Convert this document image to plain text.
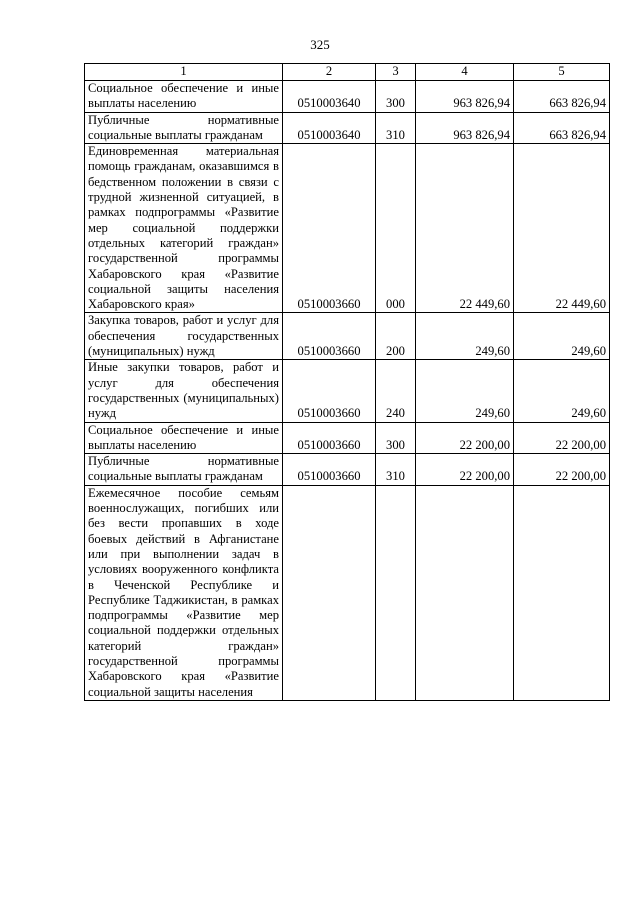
325
1	2	3	4	5
Социальное обеспечение и иные выплаты населению	0510003640	300	963 826,94	663 826,94
Публичные нормативные социальные выплаты гражданам	0510003640	310	963 826,94	663 826,94
Единовременная материальная помощь гражданам, оказавшимся в бедственном положении в связи с трудной жизненной ситуацией, в рамках подпрограммы «Развитие мер социальной поддержки отдельных категорий граждан» государственной программы Хабаровского края «Развитие социальной защиты населения Хабаровского края»	0510003660	000	22 449,60	22 449,60
Закупка товаров, работ и услуг для обеспечения государственных (муниципальных) нужд	0510003660	200	249,60	249,60
Иные закупки товаров, работ и услуг для обеспечения государственных (муниципальных) нужд	0510003660	240	249,60	249,60
Социальное обеспечение и иные выплаты населению	0510003660	300	22 200,00	22 200,00
Публичные нормативные социальные выплаты гражданам	0510003660	310	22 200,00	22 200,00
Ежемесячное пособие семьям военнослужащих, погибших или без вести пропавших в ходе боевых действий в Афганистане или при выполнении задач в условиях вооруженного конфликта в Чеченской Республике и Республике Таджикистан, в рамках подпрограммы «Развитие мер социальной поддержки отдельных категорий граждан» государственной программы Хабаровского края «Развитие социальной защиты населения				
